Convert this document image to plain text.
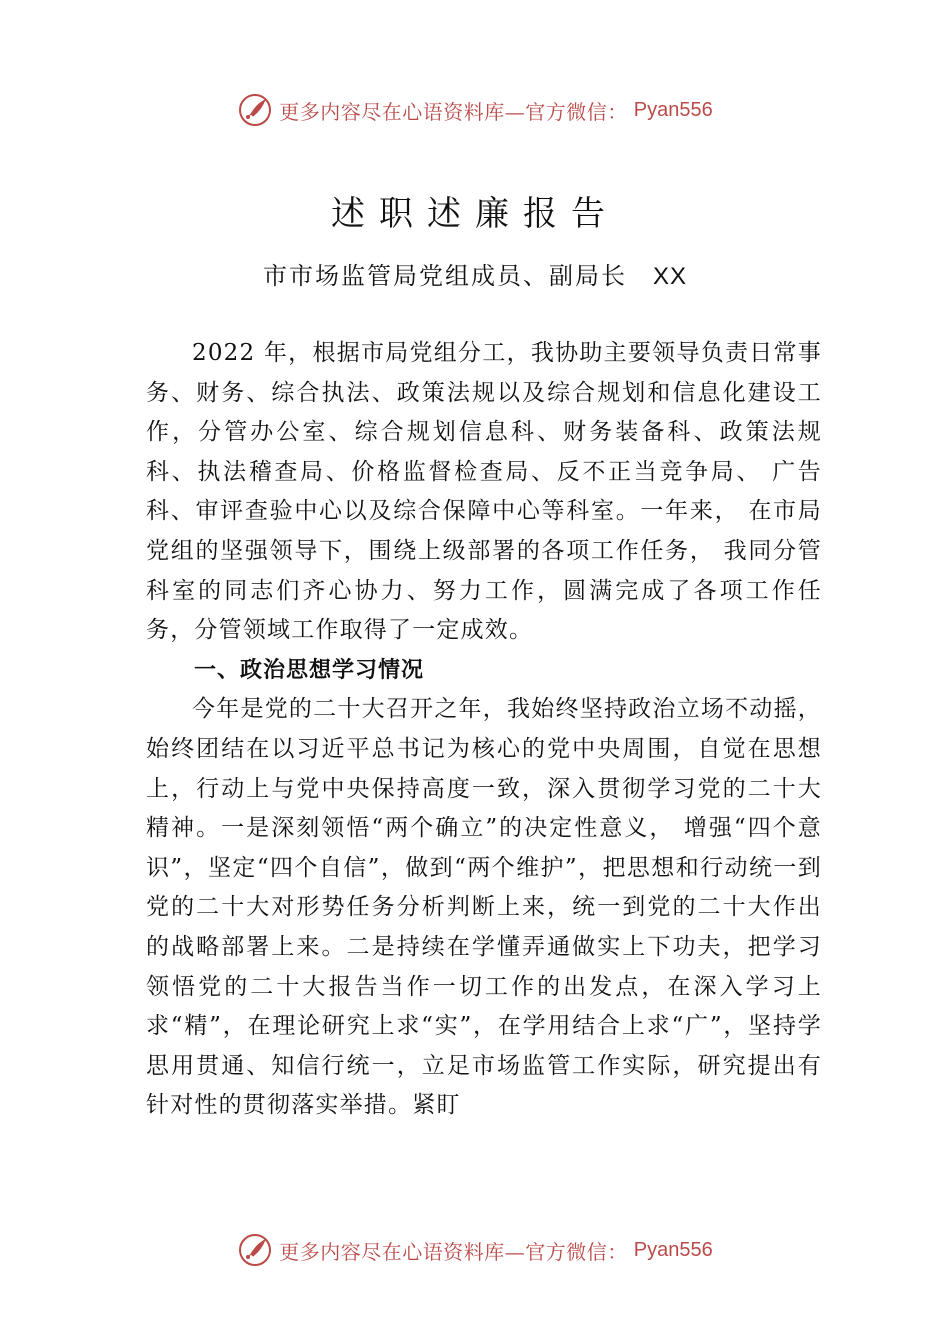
更多内容尽在心语资料库—官方微信： Pyan556
述职述廉报告
市市场监管局党组成员、副局长 XX

2022 年，根据市局党组分工，我协助主要领导负责日常事务、财务、综合执法、政策法规以及综合规划和信息化建设工作，分管办公室、综合规划信息科、财务装备科、政策法规科、执法稽查局、价格监督检查局、反不正当竞争局、 广告科、审评查验中心以及综合保障中心等科室。一年来， 在市局党组的坚强领导下，围绕上级部署的各项工作任务， 我同分管科室的同志们齐心协力、努力工作，圆满完成了各项工作任务，分管领域工作取得了一定成效。

一、政治思想学习情况

今年是党的二十大召开之年，我始终坚持政治立场不动摇，始终团结在以习近平总书记为核心的党中央周围，自觉在思想上，行动上与党中央保持高度一致，深入贯彻学习党的二十大精神。一是深刻领悟“两个确立”的决定性意义， 增强“四个意识”，坚定“四个自信”，做到“两个维护”，把思想和行动统一到党的二十大对形势任务分析判断上来，统一到党的二十大作出的战略部署上来。二是持续在学懂弄通做实上下功夫，把学习领悟党的二十大报告当作一切工作的出发点，在深入学习上求“精”，在理论研究上求“实”，在学用结合上求“广”，坚持学思用贯通、知信行统一，立足市场监管工作实际，研究提出有针对性的贯彻落实举措。紧盯

更多内容尽在心语资料库—官方微信： Pyan556
